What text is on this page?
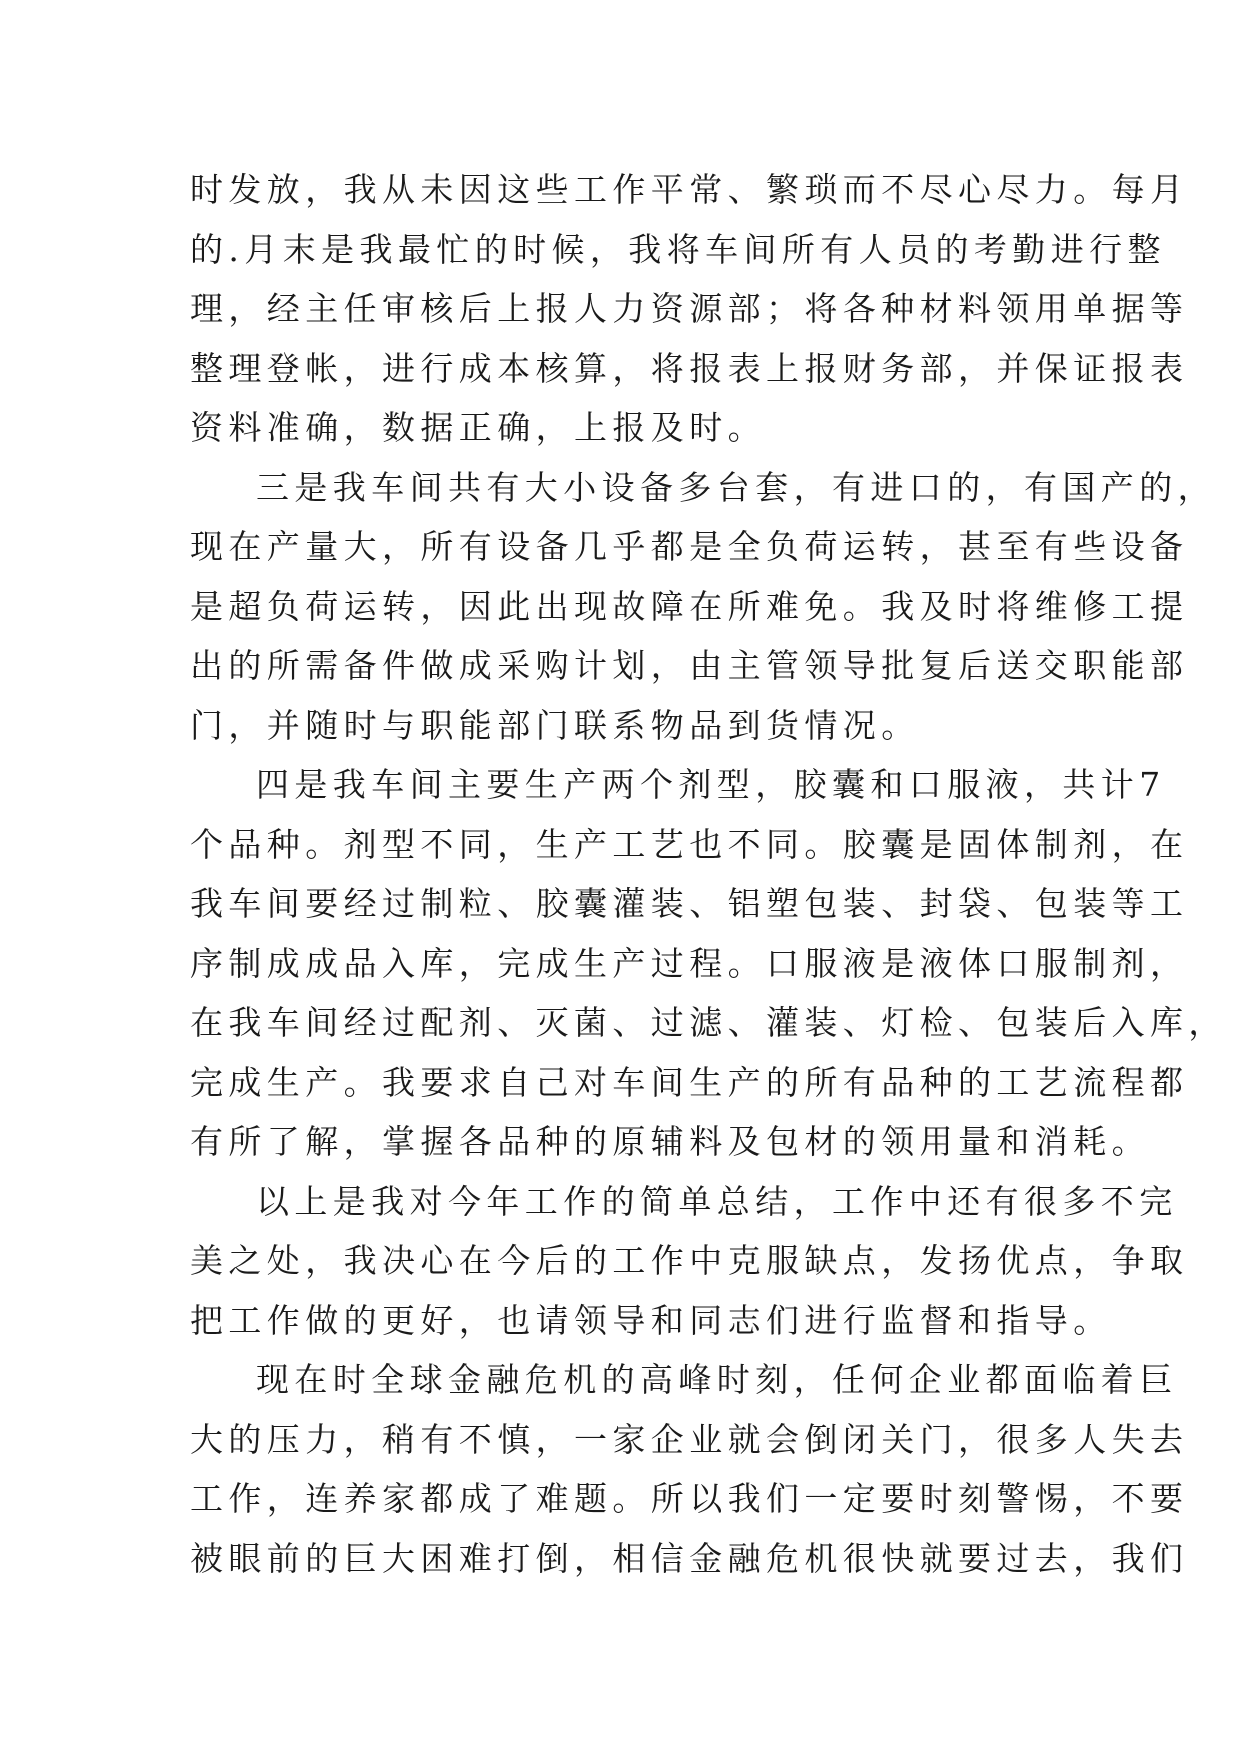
时发放，我从未因这些工作平常、繁琐而不尽心尽力。每月
的.月末是我最忙的时候，我将车间所有人员的考勤进行整
理，经主任审核后上报人力资源部；将各种材料领用单据等
整理登帐，进行成本核算，将报表上报财务部，并保证报表
资料准确，数据正确，上报及时。

三是我车间共有大小设备多台套，有进口的，有国产的，
现在产量大，所有设备几乎都是全负荷运转，甚至有些设备
是超负荷运转，因此出现故障在所难免。我及时将维修工提
出的所需备件做成采购计划，由主管领导批复后送交职能部
门，并随时与职能部门联系物品到货情况。

四是我车间主要生产两个剂型，胶囊和口服液，共计7
个品种。剂型不同，生产工艺也不同。胶囊是固体制剂，在
我车间要经过制粒、胶囊灌装、铝塑包装、封袋、包装等工
序制成成品入库，完成生产过程。口服液是液体口服制剂，
在我车间经过配剂、灭菌、过滤、灌装、灯检、包装后入库，
完成生产。我要求自己对车间生产的所有品种的工艺流程都
有所了解，掌握各品种的原辅料及包材的领用量和消耗。

以上是我对今年工作的简单总结，工作中还有很多不完
美之处，我决心在今后的工作中克服缺点，发扬优点，争取
把工作做的更好，也请领导和同志们进行监督和指导。

现在时全球金融危机的高峰时刻，任何企业都面临着巨
大的压力，稍有不慎，一家企业就会倒闭关门，很多人失去
工作，连养家都成了难题。所以我们一定要时刻警惕，不要
被眼前的巨大困难打倒，相信金融危机很快就要过去，我们
